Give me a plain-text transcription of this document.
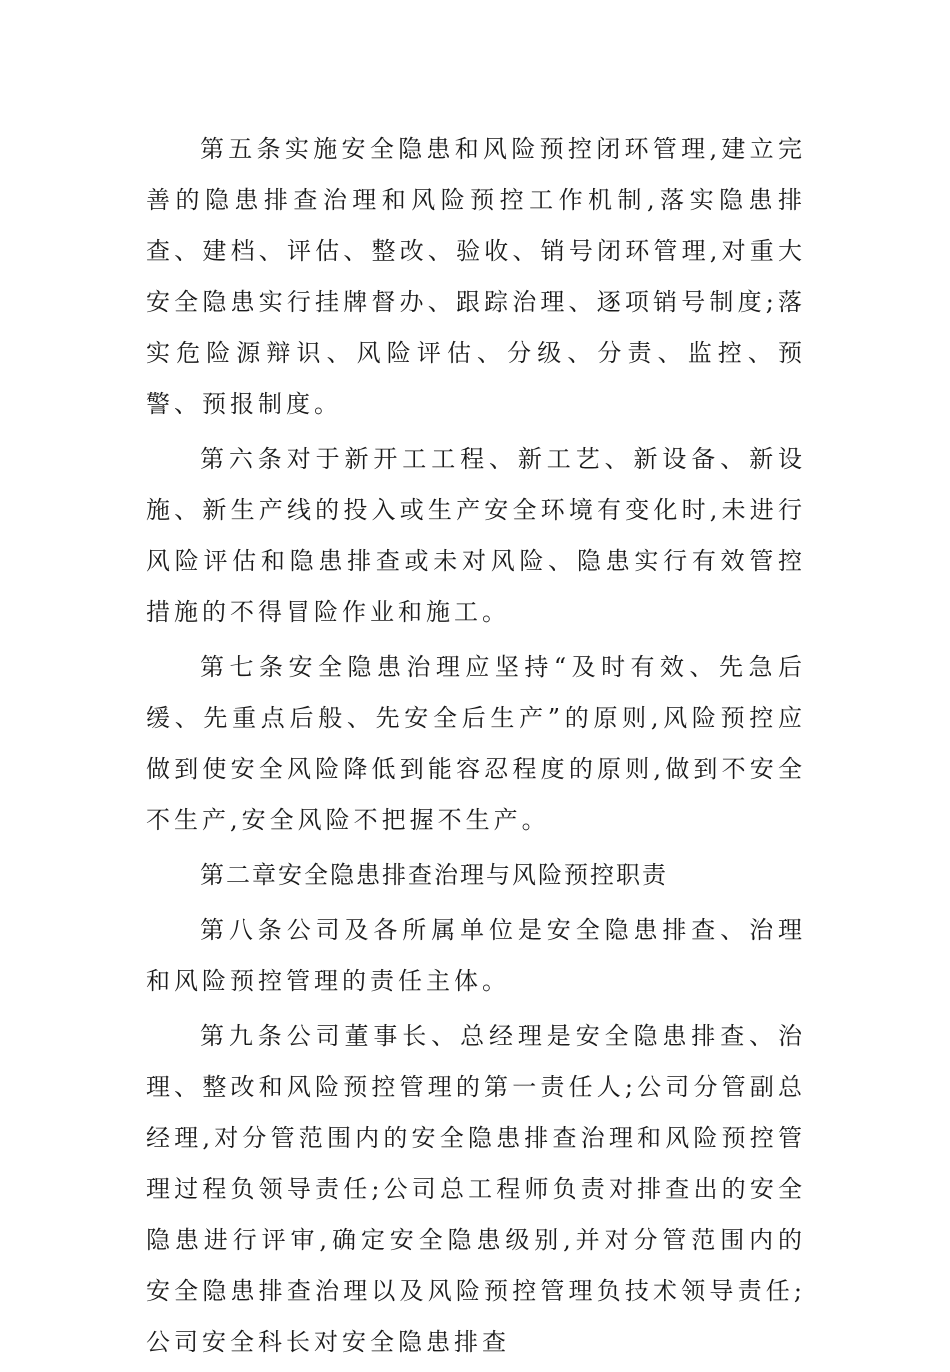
第五条实施安全隐患和风险预控闭环管理,建立完善的隐患排查治理和风险预控工作机制,落实隐患排查、建档、评估、整改、验收、销号闭环管理,对重大安全隐患实行挂牌督办、跟踪治理、逐项销号制度;落实危险源辩识、风险评估、分级、分责、监控、预警、预报制度。

第六条对于新开工工程、新工艺、新设备、新设施、新生产线的投入或生产安全环境有变化时,未进行风险评估和隐患排查或未对风险、隐患实行有效管控措施的不得冒险作业和施工。

第七条安全隐患治理应坚持“及时有效、先急后缓、先重点后般、先安全后生产”的原则,风险预控应做到使安全风险降低到能容忍程度的原则,做到不安全不生产,安全风险不把握不生产。

第二章安全隐患排查治理与风险预控职责

第八条公司及各所属单位是安全隐患排查、治理和风险预控管理的责任主体。

第九条公司董事长、总经理是安全隐患排查、治理、整改和风险预控管理的第一责任人;公司分管副总经理,对分管范围内的安全隐患排查治理和风险预控管理过程负领导责任;公司总工程师负责对排查出的安全隐患进行评审,确定安全隐患级别,并对分管范围内的安全隐患排查治理以及风险预控管理负技术领导责任;公司安全科长对安全隐患排查
